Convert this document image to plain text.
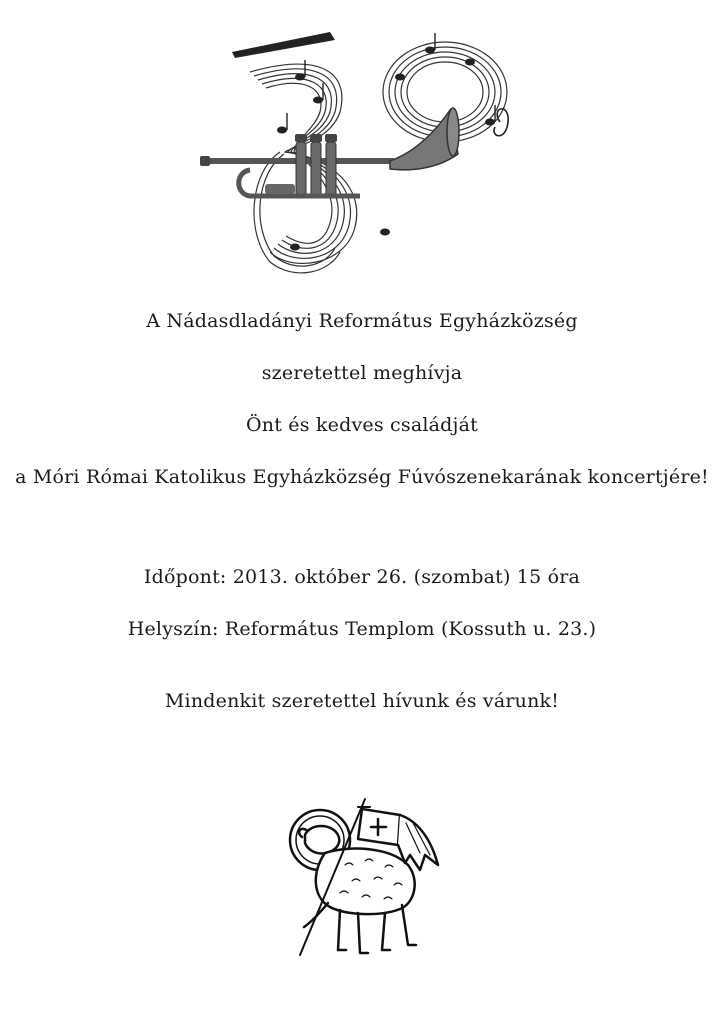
A Nádasdladányi Református Egyházközség
szeretettel meghívja
Önt és kedves családját
a Móri Római Katolikus Egyházközség Fúvószenekarának koncertjére!
Időpont: 2013. október 26. (szombat) 15 óra
Helyszín: Református Templom (Kossuth u. 23.)
Mindenkit szeretettel hívunk és várunk!
